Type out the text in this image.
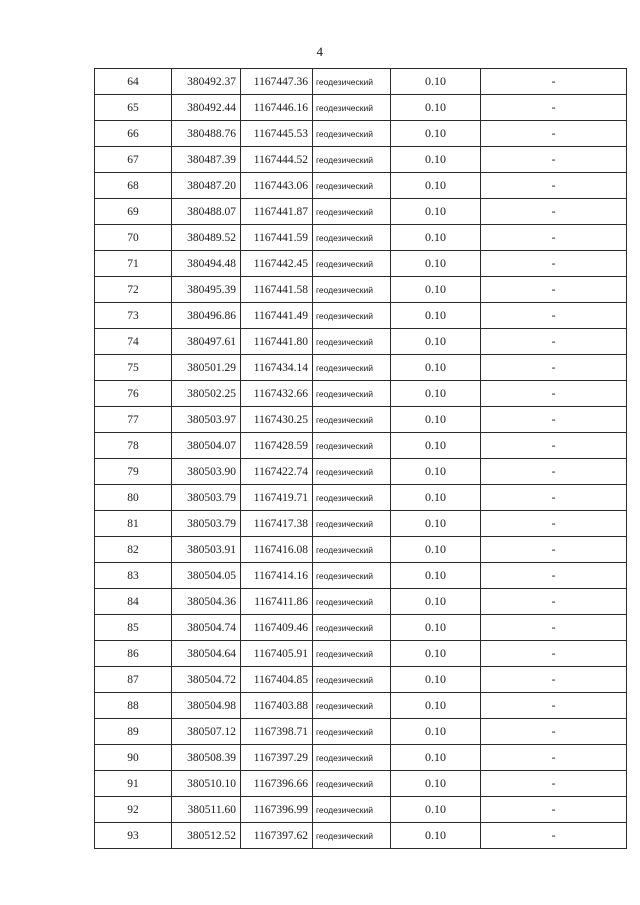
4
64	380492.37	1167447.36	геодезический	0.10	-
65	380492.44	1167446.16	геодезический	0.10	-
66	380488.76	1167445.53	геодезический	0.10	-
67	380487.39	1167444.52	геодезический	0.10	-
68	380487.20	1167443.06	геодезический	0.10	-
69	380488.07	1167441.87	геодезический	0.10	-
70	380489.52	1167441.59	геодезический	0.10	-
71	380494.48	1167442.45	геодезический	0.10	-
72	380495.39	1167441.58	геодезический	0.10	-
73	380496.86	1167441.49	геодезический	0.10	-
74	380497.61	1167441.80	геодезический	0.10	-
75	380501.29	1167434.14	геодезический	0.10	-
76	380502.25	1167432.66	геодезический	0.10	-
77	380503.97	1167430.25	геодезический	0.10	-
78	380504.07	1167428.59	геодезический	0.10	-
79	380503.90	1167422.74	геодезический	0.10	-
80	380503.79	1167419.71	геодезический	0.10	-
81	380503.79	1167417.38	геодезический	0.10	-
82	380503.91	1167416.08	геодезический	0.10	-
83	380504.05	1167414.16	геодезический	0.10	-
84	380504.36	1167411.86	геодезический	0.10	-
85	380504.74	1167409.46	геодезический	0.10	-
86	380504.64	1167405.91	геодезический	0.10	-
87	380504.72	1167404.85	геодезический	0.10	-
88	380504.98	1167403.88	геодезический	0.10	-
89	380507.12	1167398.71	геодезический	0.10	-
90	380508.39	1167397.29	геодезический	0.10	-
91	380510.10	1167396.66	геодезический	0.10	-
92	380511.60	1167396.99	геодезический	0.10	-
93	380512.52	1167397.62	геодезический	0.10	-
